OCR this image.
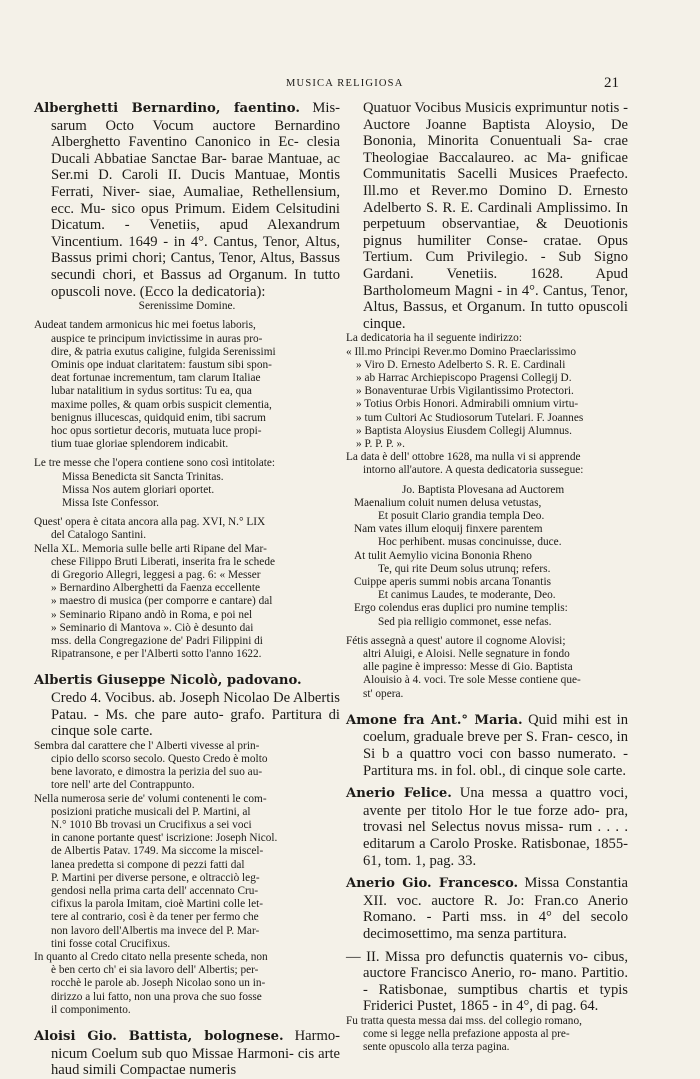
MUSICA RELIGIOSA	21
Alberghetti Bernardino, faentino. Mis- sarum Octo Vocum auctore Bernardino Alberghetto Faventino Canonico in Ec- clesia Ducali Abbatiae Sanctae Bar- barae Mantuae, ac Ser.mi D. Caroli II. Ducis Mantuae, Montis Ferrati, Niver- siae, Aumaliae, Rethellensium, ecc. Mu- sico opus Primum. Eidem Celsitudini Dicatum. - Venetiis, apud Alexandrum Vincentium. 1649 - in 4°. Cantus, Tenor, Altus, Bassus primi chori; Cantus, Tenor, Altus, Bassus secundi chori, et Bassus ad Organum. In tutto opuscoli nove. (Ecco la dedicatoria):
Serenissime Domine.
Audeat tandem armonicus hic mei foetus laboris,
auspice te principum invictissime in auras pro-
dire, & patria exutus caligine, fulgida Serenissimi
Ominis ope induat claritatem: faustum sibi spon-
deat fortunae incrementum, tam clarum Italiae
lubar natalitium in sydus sortitus: Tu ea, qua
maxime polles, & quam orbis suspicit clementia,
benignus illucescas, quidquid enim, tibi sacrum
hoc opus sortietur decoris, mutuata luce propi-
tium tuae gloriae splendorem indicabit.
Le tre messe che l'opera contiene sono così intitolate:
Missa Benedicta sit Sancta Trinitas.
Missa Nos autem gloriari oportet.
Missa Iste Confessor.
Quest' opera è citata ancora alla pag. XVI, N.° LIX
del Catalogo Santini.
Nella XL. Memoria sulle belle arti Ripane del Mar-
chese Filippo Bruti Liberati, inserita fra le schede
di Gregorio Allegri, leggesi a pag. 6: « Messer
» Bernardino Alberghetti da Faenza eccellente
» maestro di musica (per comporre e cantare) dal
» Seminario Ripano andò in Roma, e poi nel
» Seminario di Mantova ». Ciò è desunto dai
mss. della Congregazione de' Padri Filippini di
Ripatransone, e per l'Alberti sotto l'anno 1622.
Albertis Giuseppe Nicolò, padovano.
Credo 4. Vocibus. ab. Joseph Nicolao De Albertis Patau. - Ms. che pare auto- grafo. Partitura di cinque sole carte.
Sembra dal carattere che l' Alberti vivesse al prin-
cipio dello scorso secolo. Questo Credo è molto
bene lavorato, e dimostra la perizia del suo au-
tore nell' arte del Contrappunto.
Nella numerosa serie de' volumi contenenti le com-
posizioni pratiche musicali del P. Martini, al
N.° 1010 Bb trovasi un Crucifixus a sei voci
in canone portante quest' iscrizione: Joseph Nicol.
de Albertis Patav. 1749. Ma siccome la miscel-
lanea predetta si compone di pezzi fatti dal
P. Martini per diverse persone, e oltracciò leg-
gendosi nella prima carta dell' accennato Cru-
cifixus la parola Imitam, cioè Martini colle let-
tere al contrario, così è da tener per fermo che
non lavoro dell'Albertis ma invece del P. Mar-
tini fosse cotal Crucifixus.
In quanto al Credo citato nella presente scheda, non
è ben certo ch' ei sia lavoro dell' Albertis; per-
rocchè le parole ab. Joseph Nicolao sono un in-
dirizzo a lui fatto, non una prova che suo fosse
il componimento.
Aloisi Gio. Battista, bolognese. Harmo- nicum Coelum sub quo Missae Harmoni- cis arte haud simili Compactae numeris
Quatuor Vocibus Musicis exprimuntur notis - Auctore Joanne Baptista Aloysio, De Bononia, Minorita Conuentuali Sa- crae Theologiae Baccalaureo. ac Ma- gnificae Communitatis Sacelli Musices Praefecto. Ill.mo et Rever.mo Domino D. Ernesto Adelberto S. R. E. Cardinali Amplissimo. In perpetuum observantiae, & Deuotionis pignus humiliter Conse- cratae. Opus Tertium. Cum Privilegio. - Sub Signo Gardani. Venetiis. 1628. Apud Bartholomeum Magni - in 4°. Cantus, Tenor, Altus, Bassus, et Organum. In tutto opuscoli cinque.
La dedicatoria ha il seguente indirizzo:
« Ill.mo Principi Rever.mo Domino Praeclarissimo
» Viro D. Ernesto Adelberto S. R. E. Cardinali
» ab Harrac Archiepiscopo Pragensi Collegij D.
» Bonaventurae Urbis Vigilantissimo Protectori.
» Totius Orbis Honori. Admirabili omnium virtu-
» tum Cultori Ac Studiosorum Tutelari. F. Joannes
» Baptista Aloysius Eiusdem Collegij Alumnus.
» P. P. P. ».
La data è dell' ottobre 1628, ma nulla vi si apprende
intorno all'autore. A questa dedicatoria sussegue:
Jo. Baptista Plovesana ad Auctorem
Maenalium coluit numen delusa vetustas,
Et posuit Clario grandia templa Deo.
Nam vates illum eloquij finxere parentem
Hoc perhibent. musas concinuisse, duce.
At tulit Aemylio vicina Bononia Rheno
Te, qui rite Deum solus utrunq; refers.
Cuippe aperis summi nobis arcana Tonantis
Et canimus Laudes, te moderante, Deo.
Ergo colendus eras duplici pro numine templis:
Sed pia relligio commonet, esse nefas.
Fétis assegnà a quest' autore il cognome Alovisi;
altri Aluigi, e Aloisi. Nelle segnature in fondo
alle pagine è impresso: Messe di Gio. Baptista
Alouisio à 4. voci. Tre sole Messe contiene que-
st' opera.
Amone fra Ant.° Maria. Quid mihi est in coelum, graduale breve per S. Fran- cesco, in Si b a quattro voci con basso numerato. - Partitura ms. in fol. obl., di cinque sole carte.
Anerio Felice. Una messa a quattro voci, avente per titolo Hor le tue forze ado- pra, trovasi nel Selectus novus missa- rum . . . . editarum a Carolo Proske. Ratisbonae, 1855-61, tom. 1, pag. 33.
Anerio Gio. Francesco. Missa Constantia XII. voc. auctore R. Jo: Fran.co Anerio Romano. - Parti mss. in 4° del secolo decimosettimo, ma senza partitura.
— II. Missa pro defunctis quaternis vo- cibus, auctore Francisco Anerio, ro- mano. Partitio. - Ratisbonae, sumptibus chartis et typis Friderici Pustet, 1865 - in 4°, di pag. 64.
Fu tratta questa messa dai mss. del collegio romano,
come si legge nella prefazione apposta al pre-
sente opuscolo alla terza pagina.
